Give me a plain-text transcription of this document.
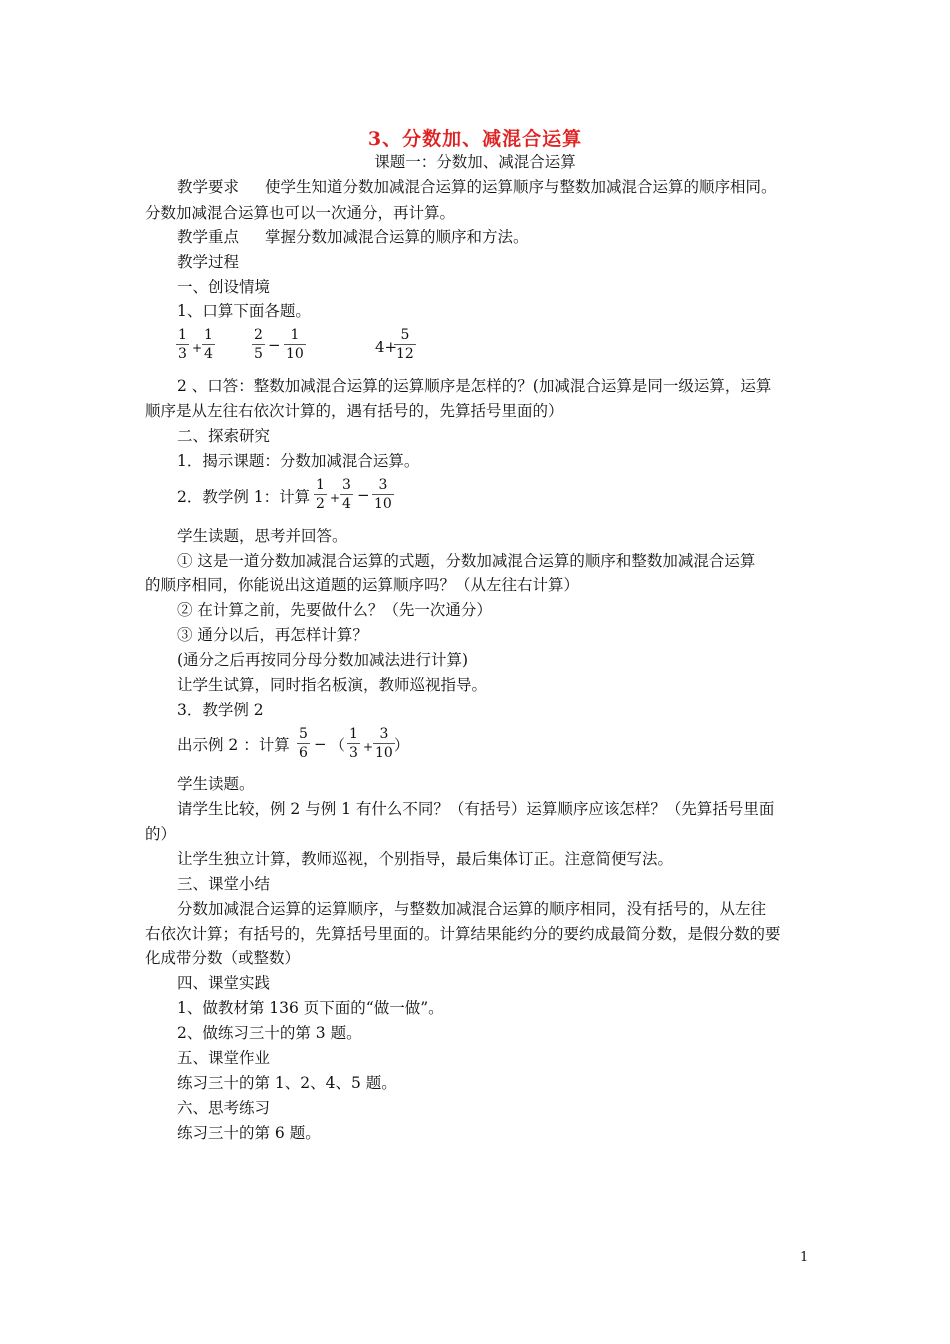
3、分数加、减混合运算
课题一：分数加、减混合运算
教学要求 使学生知道分数加减混合运算的运算顺序与整数加减混合运算的顺序相同。
分数加减混合运算也可以一次通分，再计算。
教学重点 掌握分数加减混合运算的顺序和方法。
教学过程
一、创设情境
1、口算下面各题。
$\frac{1}{3} + \frac{1}{4}$	$\frac{2}{5} - \frac{1}{10}$	4+
$\frac{5}{12}$
2 、口答：整数加减混合运算的运算顺序是怎样的？(加减混合运算是同一级运算，运算
顺序是从左往右依次计算的，遇有括号的，先算括号里面的）
二、探索研究
1．揭示课题：分数加减混合运算。
2．教学例 1：计算 $\frac{1}{2} + \frac{3}{4} - \frac{3}{10}$
学生读题，思考并回答。
① 这是一道分数加减混合运算的式题，分数加减混合运算的顺序和整数加减混合运算
的顺序相同，你能说出这道题的运算顺序吗？（从左往右计算）
② 在计算之前，先要做什么？（先一次通分）
③ 通分以后，再怎样计算？
(通分之后再按同分母分数加减法进行计算)
让学生试算，同时指名板演，教师巡视指导。
3．教学例 2
出示例 2 ：计算 $\frac{5}{6}$ − （ $\frac{1}{3} + \frac{3}{10}$ ）
学生读题。
请学生比较，例 2 与例 1 有什么不同？（有括号）运算顺序应该怎样？（先算括号里面
的）
让学生独立计算，教师巡视，个别指导，最后集体订正。注意简便写法。
三、课堂小结
分数加减混合运算的运算顺序，与整数加减混合运算的顺序相同，没有括号的，从左往
右依次计算；有括号的，先算括号里面的。计算结果能约分的要约成最简分数，是假分数的要
化成带分数（或整数）
四、课堂实践
1、做教材第 136 页下面的“做一做”。
2、做练习三十的第 3 题。
五、课堂作业
练习三十的第 1、2、4、5 题。
六、思考练习
练习三十的第 6 题。
1
